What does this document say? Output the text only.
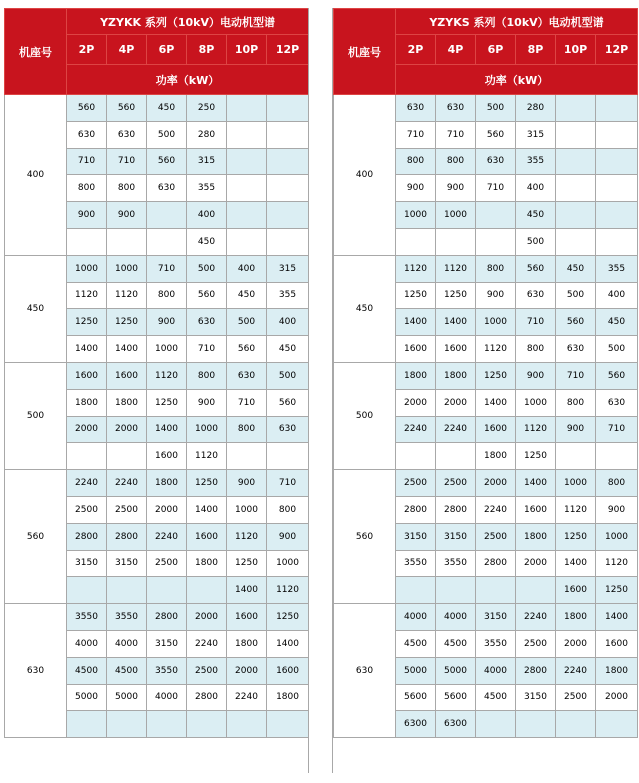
机座号	YZYKK 系列（10kV）电动机型谱					
	2P	4P	6P	8P	10P	12P
	功率（kW）					
400	560	560	450	250		
	630	630	500	280		
	710	710	560	315		
	800	800	630	355		
	900	900		400		
				450		
450	1000	1000	710	500	400	315
	1120	1120	800	560	450	355
	1250	1250	900	630	500	400
	1400	1400	1000	710	560	450
500	1600	1600	1120	800	630	500
	1800	1800	1250	900	710	560
	2000	2000	1400	1000	800	630
			1600	1120		
560	2240	2240	1800	1250	900	710
	2500	2500	2000	1400	1000	800
	2800	2800	2240	1600	1120	900
	3150	3150	2500	1800	1250	1000
					1400	1120
630	3550	3550	2800	2000	1600	1250
	4000	4000	3150	2240	1800	1400
	4500	4500	3550	2500	2000	1600
	5000	5000	4000	2800	2240	1800

机座号	YZYKS 系列（10kV）电动机型谱					
	2P	4P	6P	8P	10P	12P
	功率（kW）					
400	630	630	500	280		
	710	710	560	315		
	800	800	630	355		
	900	900	710	400		
	1000	1000		450		
				500		
450	1120	1120	800	560	450	355
	1250	1250	900	630	500	400
	1400	1400	1000	710	560	450
	1600	1600	1120	800	630	500
500	1800	1800	1250	900	710	560
	2000	2000	1400	1000	800	630
	2240	2240	1600	1120	900	710
			1800	1250		
560	2500	2500	2000	1400	1000	800
	2800	2800	2240	1600	1120	900
	3150	3150	2500	1800	1250	1000
	3550	3550	2800	2000	1400	1120
					1600	1250
630	4000	4000	3150	2240	1800	1400
	4500	4500	3550	2500	2000	1600
	5000	5000	4000	2800	2240	1800
	5600	5600	4500	3150	2500	2000
	6300	6300				
